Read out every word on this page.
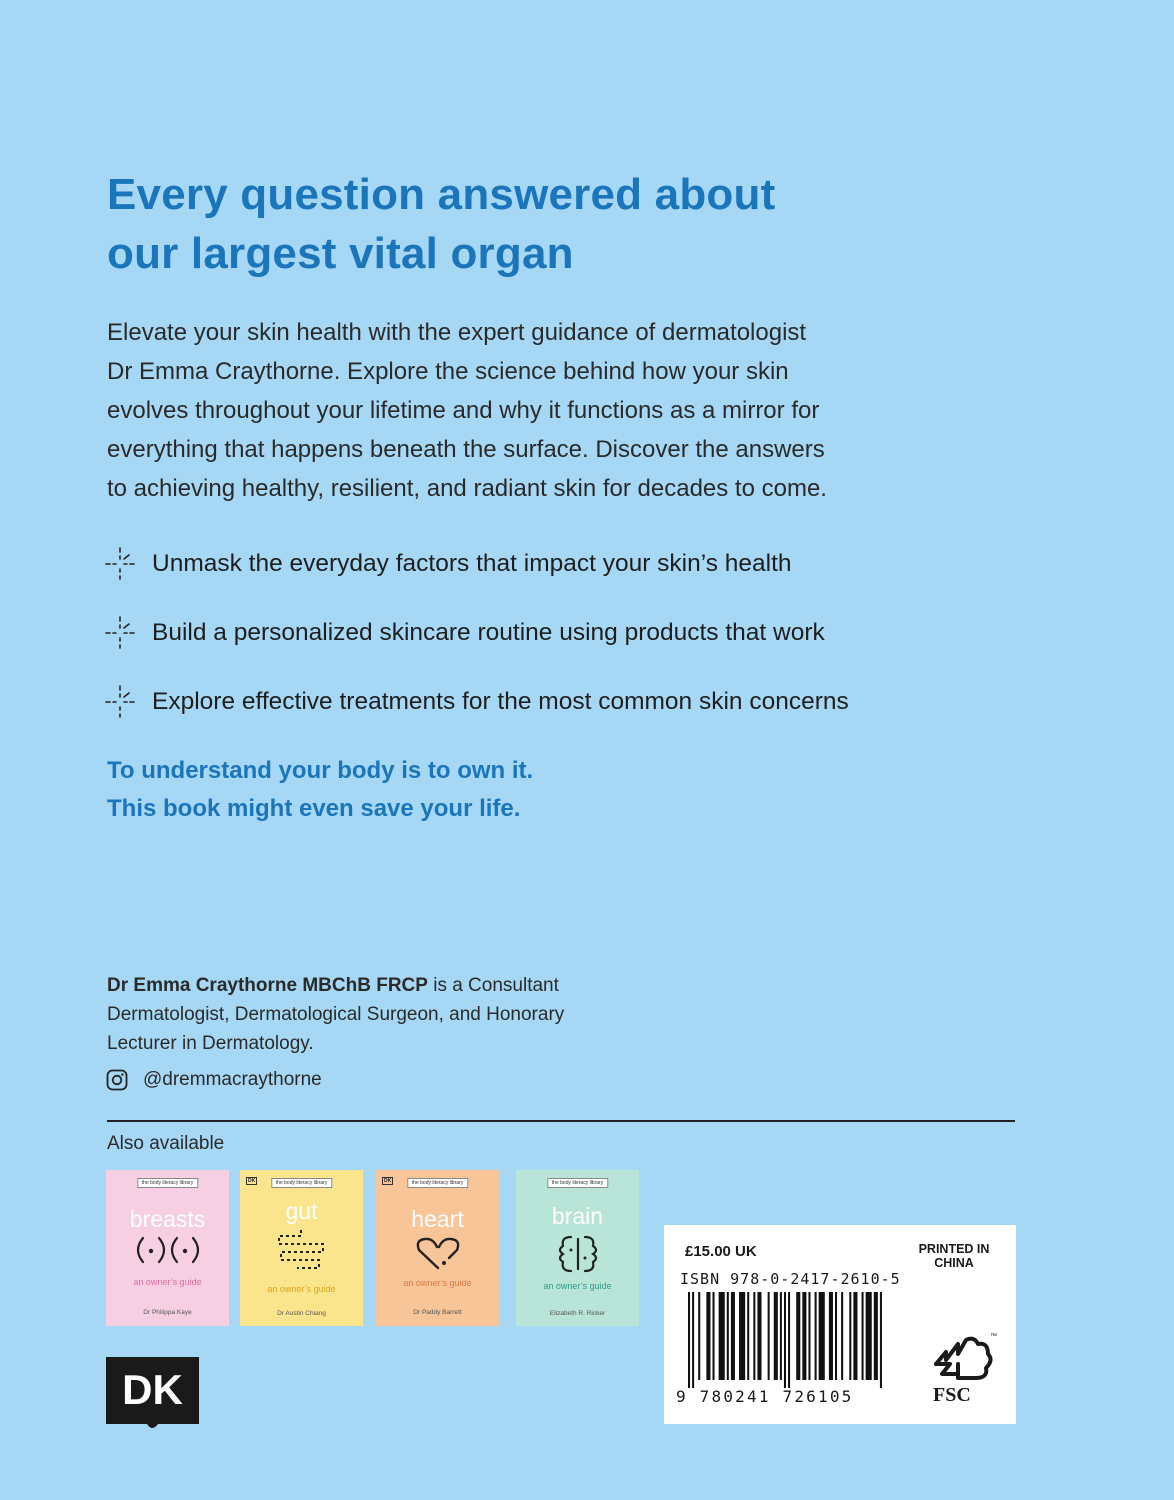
Every question answered about
our largest vital organ
Elevate your skin health with the expert guidance of dermatologist
Dr Emma Craythorne. Explore the science behind how your skin
evolves throughout your lifetime and why it functions as a mirror for
everything that happens beneath the surface. Discover the answers
to achieving healthy, resilient, and radiant skin for decades to come.
Unmask the everyday factors that impact your skin’s health
Build a personalized skincare routine using products that work
Explore effective treatments for the most common skin concerns
To understand your body is to own it.
This book might even save your life.
Dr Emma Craythorne MBChB FRCP is a Consultant
Dermatologist, Dermatological Surgeon, and Honorary
Lecturer in Dermatology.
@dremmacraythorne
Also available
the body literacy library
breasts
an owner’s guide
Dr Philippa Kaye
DK	the body literacy library
gut
an owner’s guide
Dr Austin Chiang
DK	the body literacy library
heart
an owner’s guide
Dr Paddy Barrett
the body literacy library
brain
an owner’s guide
Elizabeth R. Ricker
£15.00 UK	PRINTED IN CHINA
ISBN 978-0-2417-2610-5
9 780241 726105
™
FSC
DK
